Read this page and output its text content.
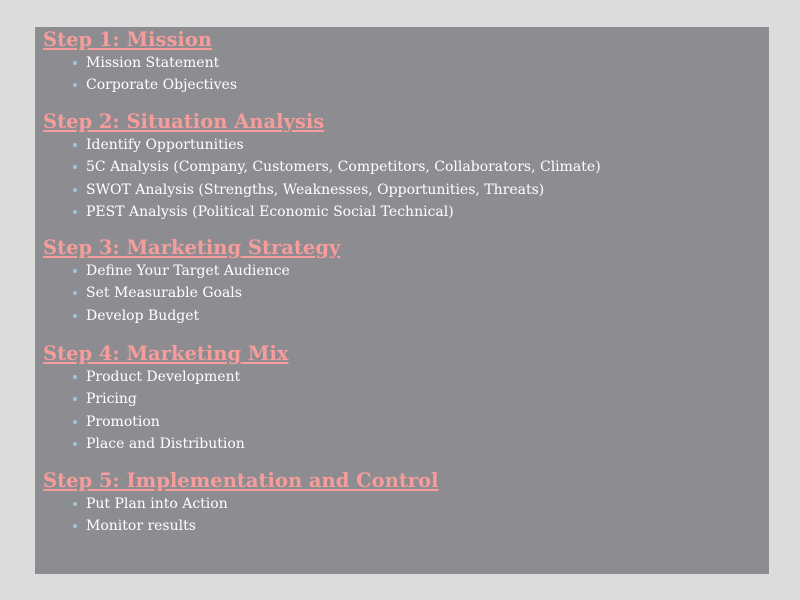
Step 1: Mission
Mission Statement
Corporate Objectives
Step 2: Situation Analysis
Identify Opportunities
5C Analysis (Company, Customers, Competitors, Collaborators, Climate)
SWOT Analysis (Strengths, Weaknesses, Opportunities, Threats)
PEST Analysis (Political Economic Social Technical)
Step 3: Marketing Strategy
Define Your Target Audience
Set Measurable Goals
Develop Budget
Step 4: Marketing Mix
Product Development
Pricing
Promotion
Place and Distribution
Step 5: Implementation and Control
Put Plan into Action
Monitor results
